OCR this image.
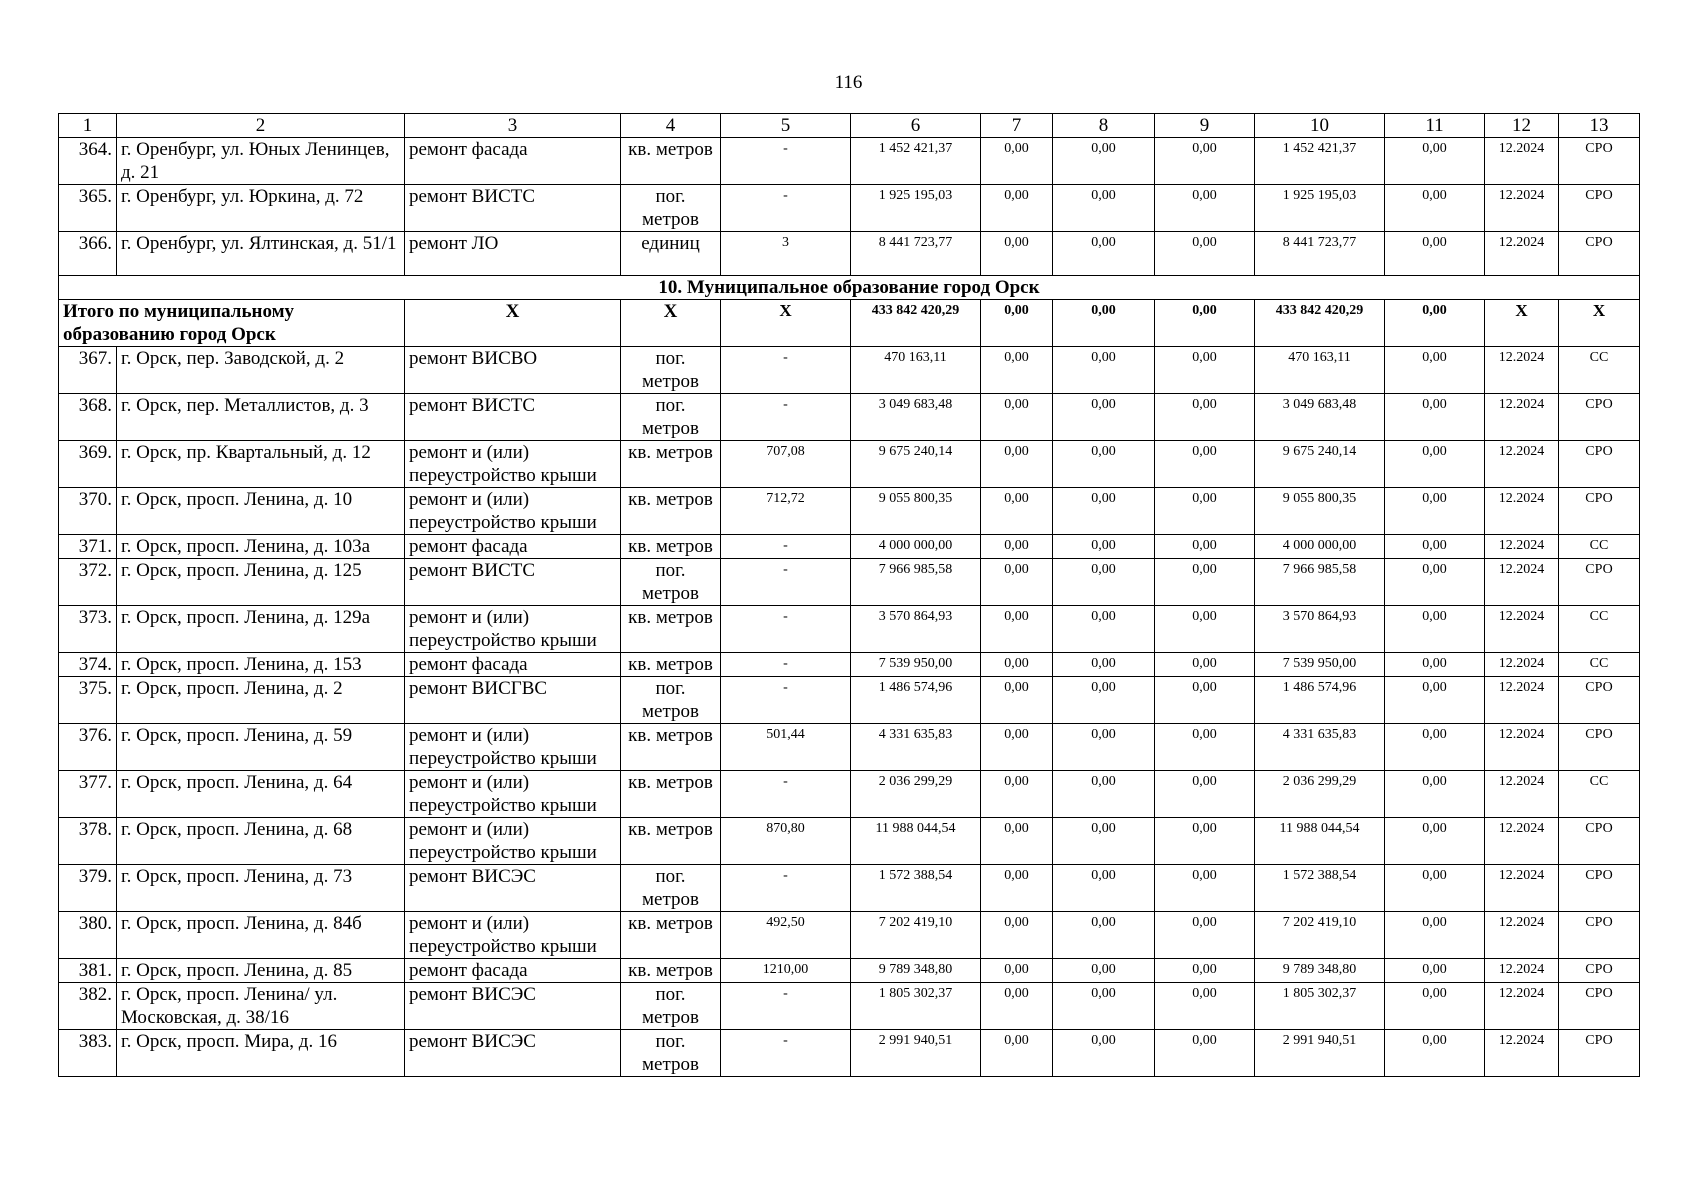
116
1	2	3	4	5	6	7	8	9	10	11	12	13
364.	г. Оренбург, ул. Юных Ленинцев, д. 21	ремонт фасада	кв. метров	-	1 452 421,37	0,00	0,00	0,00	1 452 421,37	0,00	12.2024	СРО
365.	г. Оренбург, ул. Юркина, д. 72	ремонт ВИСТС	пог. метров	-	1 925 195,03	0,00	0,00	0,00	1 925 195,03	0,00	12.2024	СРО
366.	г. Оренбург, ул. Ялтинская, д. 51/1	ремонт ЛО	единиц	3	8 441 723,77	0,00	0,00	0,00	8 441 723,77	0,00	12.2024	СРО
10. Муниципальное образование город Орск												
Итого по муниципальному образованию город Орск		Х	Х	Х	433 842 420,29	0,00	0,00	0,00	433 842 420,29	0,00	Х	Х
367.	г. Орск, пер. Заводской, д. 2	ремонт ВИСВО	пог. метров	-	470 163,11	0,00	0,00	0,00	470 163,11	0,00	12.2024	СС
368.	г. Орск, пер. Металлистов, д. 3	ремонт ВИСТС	пог. метров	-	3 049 683,48	0,00	0,00	0,00	3 049 683,48	0,00	12.2024	СРО
369.	г. Орск, пр. Квартальный, д. 12	ремонт и (или) переустройство крыши	кв. метров	707,08	9 675 240,14	0,00	0,00	0,00	9 675 240,14	0,00	12.2024	СРО
370.	г. Орск, просп. Ленина, д. 10	ремонт и (или) переустройство крыши	кв. метров	712,72	9 055 800,35	0,00	0,00	0,00	9 055 800,35	0,00	12.2024	СРО
371.	г. Орск, просп. Ленина, д. 103а	ремонт фасада	кв. метров	-	4 000 000,00	0,00	0,00	0,00	4 000 000,00	0,00	12.2024	СС
372.	г. Орск, просп. Ленина, д. 125	ремонт ВИСТС	пог. метров	-	7 966 985,58	0,00	0,00	0,00	7 966 985,58	0,00	12.2024	СРО
373.	г. Орск, просп. Ленина, д. 129а	ремонт и (или) переустройство крыши	кв. метров	-	3 570 864,93	0,00	0,00	0,00	3 570 864,93	0,00	12.2024	СС
374.	г. Орск, просп. Ленина, д. 153	ремонт фасада	кв. метров	-	7 539 950,00	0,00	0,00	0,00	7 539 950,00	0,00	12.2024	СС
375.	г. Орск, просп. Ленина, д. 2	ремонт ВИСГВС	пог. метров	-	1 486 574,96	0,00	0,00	0,00	1 486 574,96	0,00	12.2024	СРО
376.	г. Орск, просп. Ленина, д. 59	ремонт и (или) переустройство крыши	кв. метров	501,44	4 331 635,83	0,00	0,00	0,00	4 331 635,83	0,00	12.2024	СРО
377.	г. Орск, просп. Ленина, д. 64	ремонт и (или) переустройство крыши	кв. метров	-	2 036 299,29	0,00	0,00	0,00	2 036 299,29	0,00	12.2024	СС
378.	г. Орск, просп. Ленина, д. 68	ремонт и (или) переустройство крыши	кв. метров	870,80	11 988 044,54	0,00	0,00	0,00	11 988 044,54	0,00	12.2024	СРО
379.	г. Орск, просп. Ленина, д. 73	ремонт ВИСЭС	пог. метров	-	1 572 388,54	0,00	0,00	0,00	1 572 388,54	0,00	12.2024	СРО
380.	г. Орск, просп. Ленина, д. 84б	ремонт и (или) переустройство крыши	кв. метров	492,50	7 202 419,10	0,00	0,00	0,00	7 202 419,10	0,00	12.2024	СРО
381.	г. Орск, просп. Ленина, д. 85	ремонт фасада	кв. метров	1210,00	9 789 348,80	0,00	0,00	0,00	9 789 348,80	0,00	12.2024	СРО
382.	г. Орск, просп. Ленина/ ул. Московская, д. 38/16	ремонт ВИСЭС	пог. метров	-	1 805 302,37	0,00	0,00	0,00	1 805 302,37	0,00	12.2024	СРО
383.	г. Орск, просп. Мира, д. 16	ремонт ВИСЭС	пог. метров	-	2 991 940,51	0,00	0,00	0,00	2 991 940,51	0,00	12.2024	СРО
